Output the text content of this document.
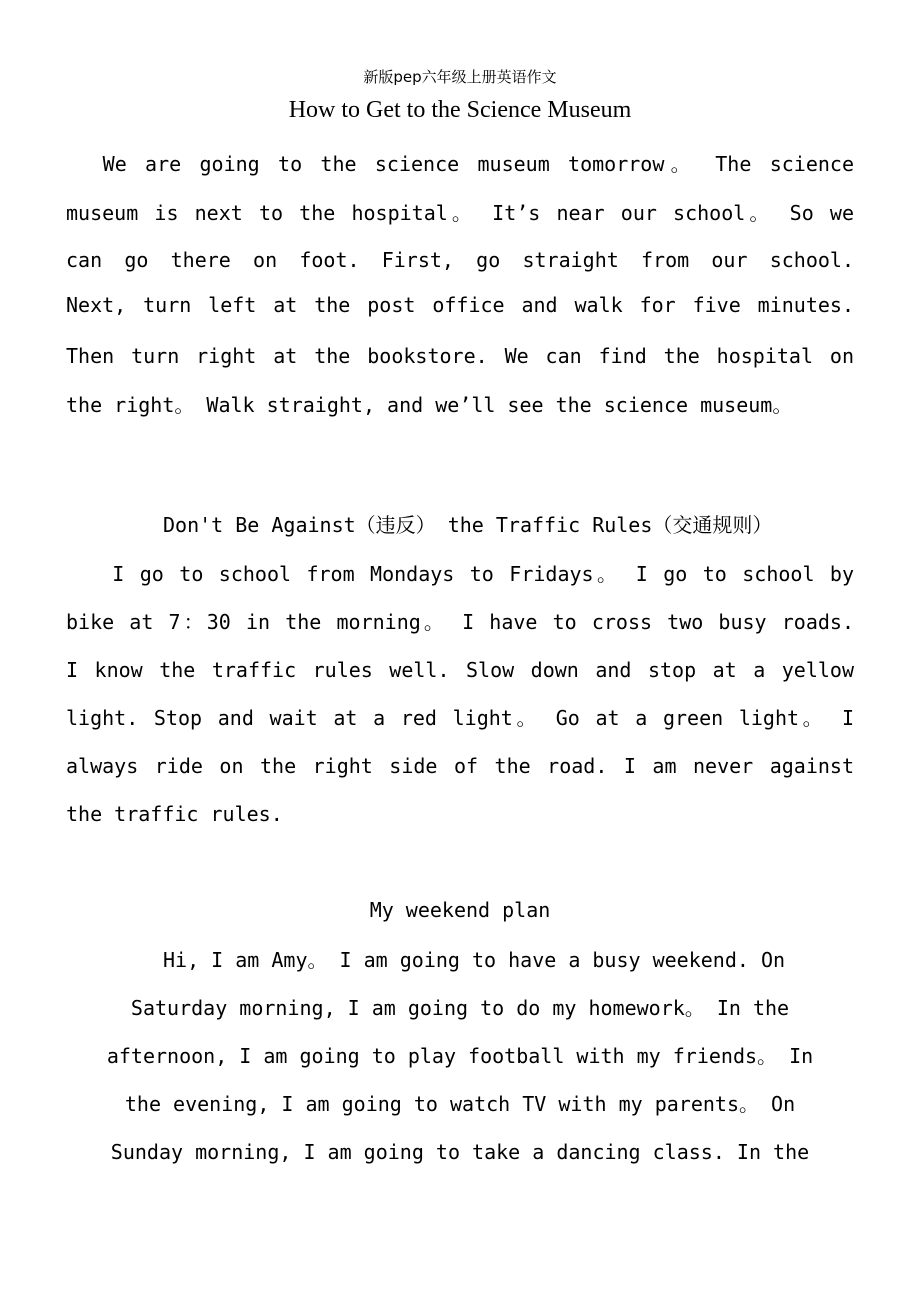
新版pep六年级上册英语作文
How to Get to the Science Museum
We are going to the science museum tomorrow。 The science
museum is next to the hospital。 It’s near our school。 So we
can go there on foot. First, go straight from our school.
Next, turn left at the post office and walk for five minutes.
Then turn right at the bookstore. We can find the hospital on
the right。 Walk straight, and we’ll see the science museum。
Don't Be Against（违反） the Traffic Rules（交通规则）
I go to school from Mondays to Fridays。 I go to school by
bike at 7：30 in the morning。 I have to cross two busy roads.
I know the traffic rules well. Slow down and stop at a yellow
light. Stop and wait at a red light。 Go at a green light。 I
always ride on the right side of the road. I am never against
the traffic rules.
My weekend plan
Hi, I am Amy。 I am going to have a busy weekend. On
Saturday morning, I am going to do my homework。 In the
afternoon, I am going to play football with my friends。 In
the evening, I am going to watch TV with my parents。 On
Sunday morning, I am going to take a dancing class. In the
